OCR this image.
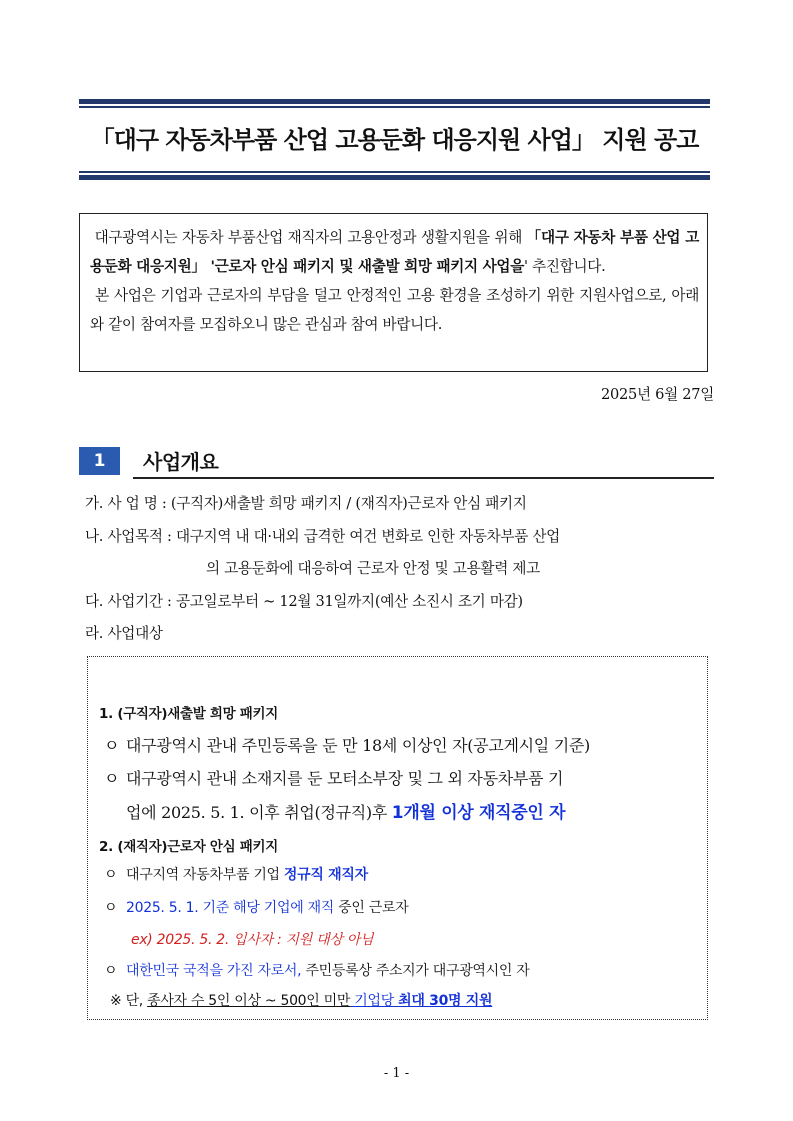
「대구 자동차부품 산업 고용둔화 대응지원 사업」 지원 공고

대구광역시는 자동차 부품산업 재직자의 고용안정과 생활지원을 위해 「대구 자동차 부품 산업 고용둔화 대응지원」 '근로자 안심 패키지 및 새출발 희망 패키지 사업을' 추진합니다.

본 사업은 기업과 근로자의 부담을 덜고 안정적인 고용 환경을 조성하기 위한 지원사업으로, 아래와 같이 참여자를 모집하오니 많은 관심과 참여 바랍니다.

2025년 6월 27일
1	사업개요
가. 사 업 명 : (구직자)새출발 희망 패키지 / (재직자)근로자 안심 패키지
나. 사업목적 : 대구지역 내 대·내외 급격한 여건 변화로 인한 자동차부품 산업
의 고용둔화에 대응하여 근로자 안정 및 고용활력 제고
다. 사업기간 : 공고일로부터 ~ 12월 31일까지(예산 소진시 조기 마감)
라. 사업대상
1. (구직자)새출발 희망 패키지
ㅇ 대구광역시 관내 주민등록을 둔 만 18세 이상인 자(공고게시일 기준)
ㅇ 대구광역시 관내 소재지를 둔 모터소부장 및 그 외 자동차부품 기
업에 2025. 5. 1. 이후 취업(정규직)후 1개월 이상 재직중인 자
2. (재직자)근로자 안심 패키지
ㅇ 대구지역 자동차부품 기업 정규직 재직자
ㅇ 2025. 5. 1. 기준 해당 기업에 재직 중인 근로자
ex) 2025. 5. 2. 입사자 : 지원 대상 아님
ㅇ 대한민국 국적을 가진 자로서, 주민등록상 주소지가 대구광역시인 자
※ 단, 종사자 수 5인 이상 ~ 500인 미만 기업당 최대 30명 지원
- 1 -
